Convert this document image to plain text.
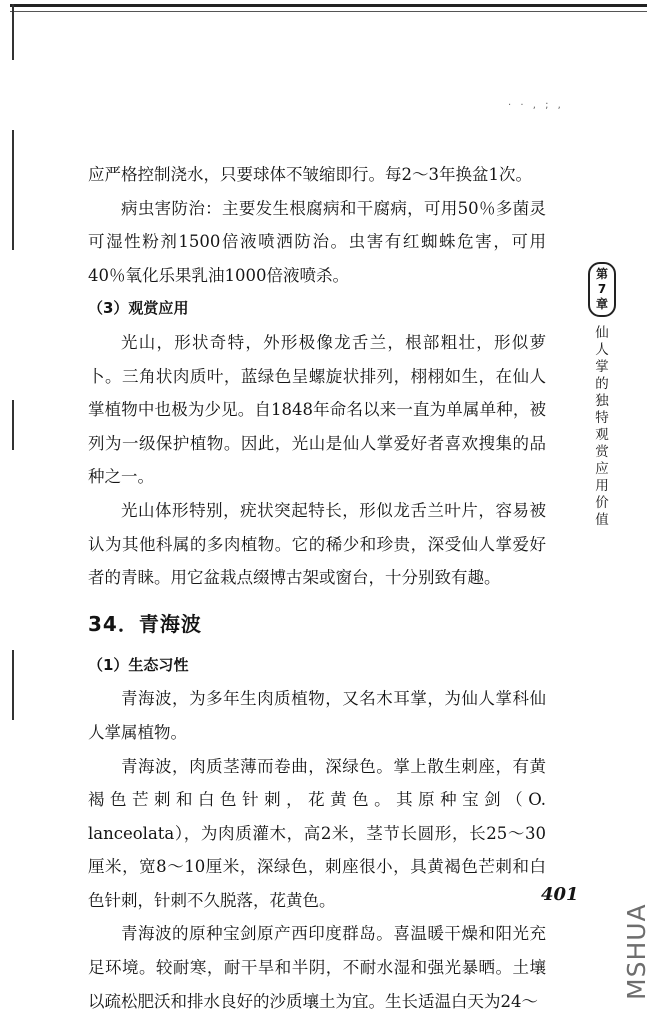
· · , ; ,

应严格控制浇水，只要球体不皱缩即行。每2～3年换盆1次。

病虫害防治：主要发生根腐病和干腐病，可用50％多菌灵可湿性粉剂1500倍液喷洒防治。虫害有红蜘蛛危害，可用40％氧化乐果乳油1000倍液喷杀。

（3）观赏应用

光山，形状奇特，外形极像龙舌兰，根部粗壮，形似萝卜。三角状肉质叶，蓝绿色呈螺旋状排列，栩栩如生，在仙人掌植物中也极为少见。自1848年命名以来一直为单属单种，被列为一级保护植物。因此，光山是仙人掌爱好者喜欢搜集的品种之一。

光山体形特别，疣状突起特长，形似龙舌兰叶片，容易被认为其他科属的多肉植物。它的稀少和珍贵，深受仙人掌爱好者的青睐。用它盆栽点缀博古架或窗台，十分别致有趣。

34．青海波

（1）生态习性

青海波，为多年生肉质植物，又名木耳掌，为仙人掌科仙人掌属植物。

青海波，肉质茎薄而卷曲，深绿色。掌上散生刺座，有黄褐色芒刺和白色针刺，花黄色。其原种宝剑（O. lanceolata），为肉质灌木，高2米，茎节长圆形，长25～30厘米，宽8～10厘米，深绿色，刺座很小，具黄褐色芒刺和白色针刺，针刺不久脱落，花黄色。

青海波的原种宝剑原产西印度群岛。喜温暖干燥和阳光充足环境。较耐寒，耐干旱和半阴，不耐水湿和强光暴晒。土壤以疏松肥沃和排水良好的沙质壤土为宜。生长适温白天为24～

第
7
章
仙人掌的独特观赏应用价值
401
MSHUA
